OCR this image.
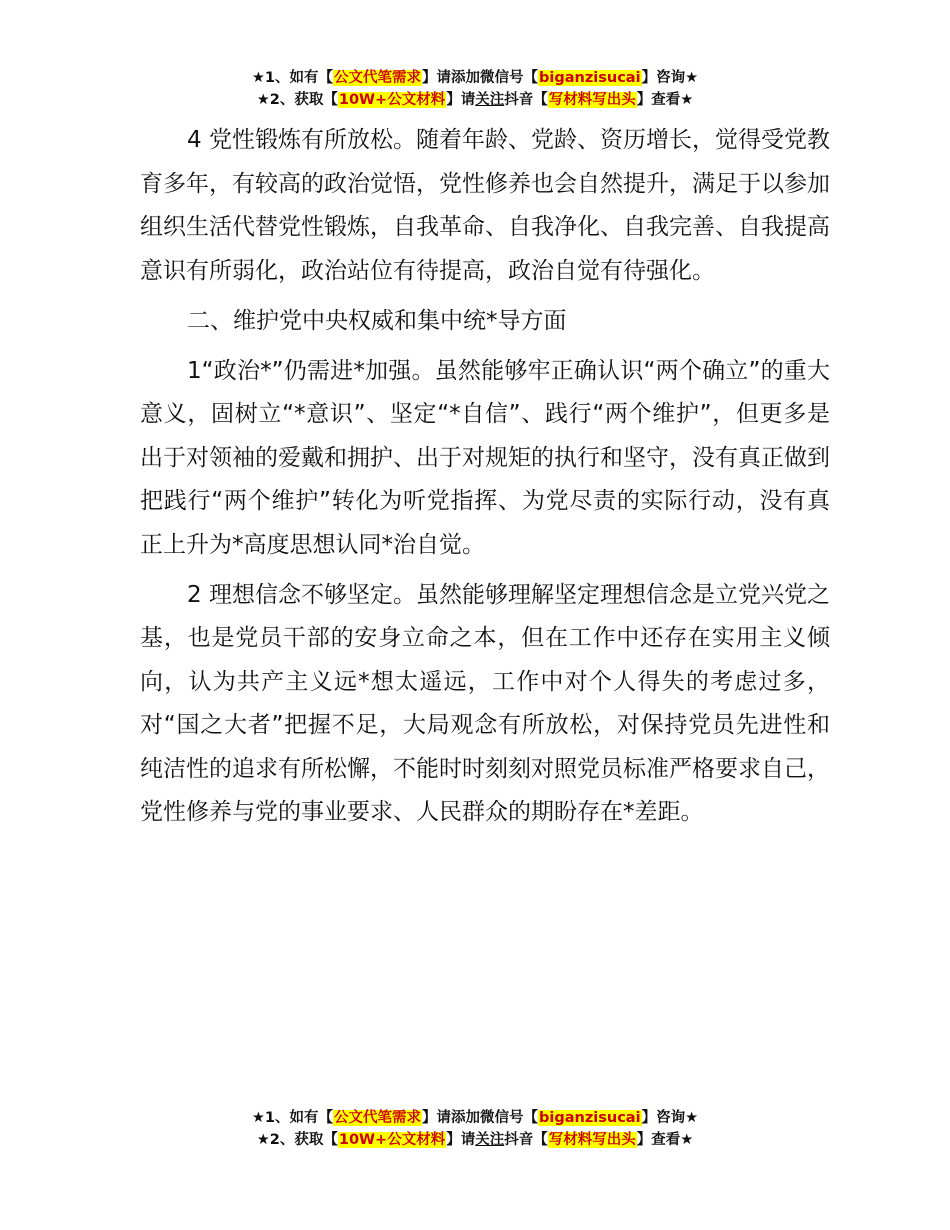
★1、如有【公文代笔需求】请添加微信号【biganzisucai】咨询★
★2、获取【10W+公文材料】请关注抖音【写材料写出头】查看★

4 党性锻炼有所放松。随着年龄、党龄、资历增长，觉得受党教育多年，有较高的政治觉悟，党性修养也会自然提升，满足于以参加组织生活代替党性锻炼，自我革命、自我净化、自我完善、自我提高意识有所弱化，政治站位有待提高，政治自觉有待强化。

二、维护党中央权威和集中统*导方面

1“政治*”仍需进*加强。虽然能够牢正确认识“两个确立”的重大意义，固树立“*意识”、坚定“*自信”、践行“两个维护”，但更多是出于对领袖的爱戴和拥护、出于对规矩的执行和坚守，没有真正做到把践行“两个维护”转化为听党指挥、为党尽责的实际行动，没有真正上升为*高度思想认同*治自觉。

2 理想信念不够坚定。虽然能够理解坚定理想信念是立党兴党之基，也是党员干部的安身立命之本，但在工作中还存在实用主义倾向，认为共产主义远*想太遥远，工作中对个人得失的考虑过多，对“国之大者”把握不足，大局观念有所放松，对保持党员先进性和纯洁性的追求有所松懈，不能时时刻刻对照党员标准严格要求自己，党性修养与党的事业要求、人民群众的期盼存在*差距。

★1、如有【公文代笔需求】请添加微信号【biganzisucai】咨询★
★2、获取【10W+公文材料】请关注抖音【写材料写出头】查看★
